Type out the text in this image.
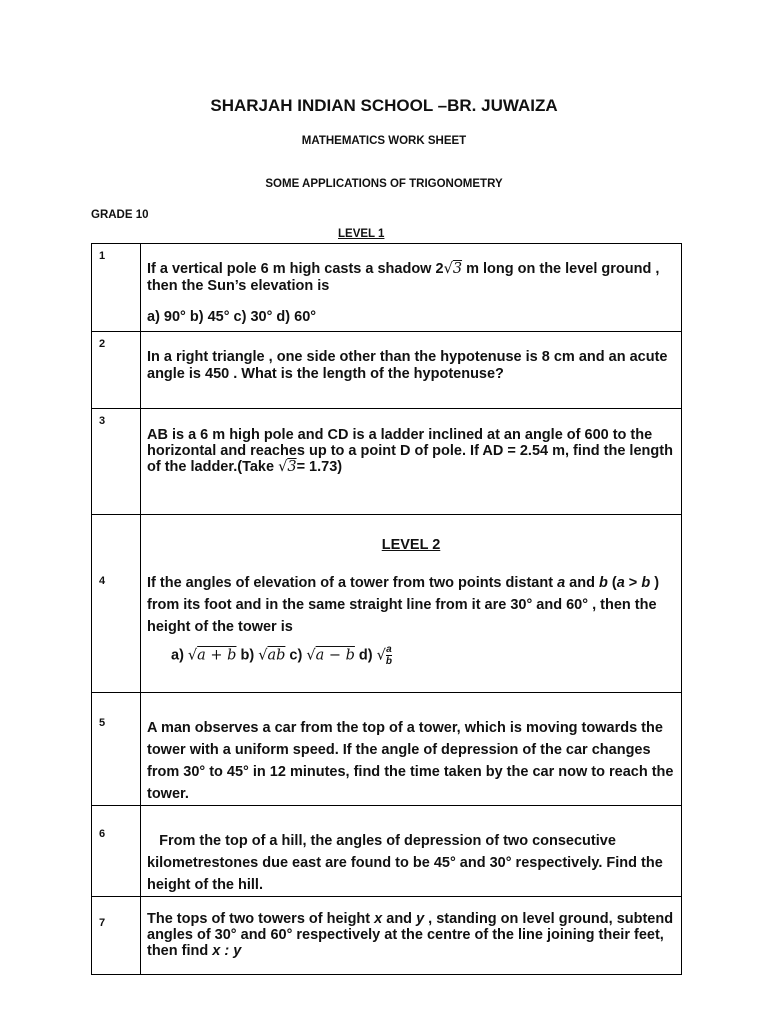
SHARJAH INDIAN SCHOOL –BR. JUWAIZA
MATHEMATICS WORK SHEET
SOME APPLICATIONS OF TRIGONOMETRY
GRADE 10
LEVEL 1
1	If a vertical pole 6 m high casts a shadow 2√3 m long on the level ground , then the Sun’s elevation is
a) 90° b) 45° c) 30° d) 60°

2	In a right triangle , one side other than the hypotenuse is 8 cm and an acute angle is 450 . What is the length of the hypotenuse?

3	AB is a 6 m high pole and CD is a ladder inclined at an angle of 600 to the horizontal and reaches up to a point D of pole. If AD = 2.54 m, find the length of the ladder.(Take √3= 1.73)

4	LEVEL 2
If the angles of elevation of a tower from two points distant a and b (a > b ) from its foot and in the same straight line from it are 30° and 60° , then the height of the tower is
a) √a + b b) √ab c) √a − b d) $√\frac{a}{b}$

5	A man observes a car from the top of a tower, which is moving towards the tower with a uniform speed. If the angle of depression of the car changes from 30° to 45° in 12 minutes, find the time taken by the car now to reach the tower.

6	From the top of a hill, the angles of depression of two consecutive kilometrestones due east are found to be 45° and 30° respectively. Find the height of the hill.

7	The tops of two towers of height x and y , standing on level ground, subtend angles of 30° and 60° respectively at the centre of the line joining their feet, then find x : y
